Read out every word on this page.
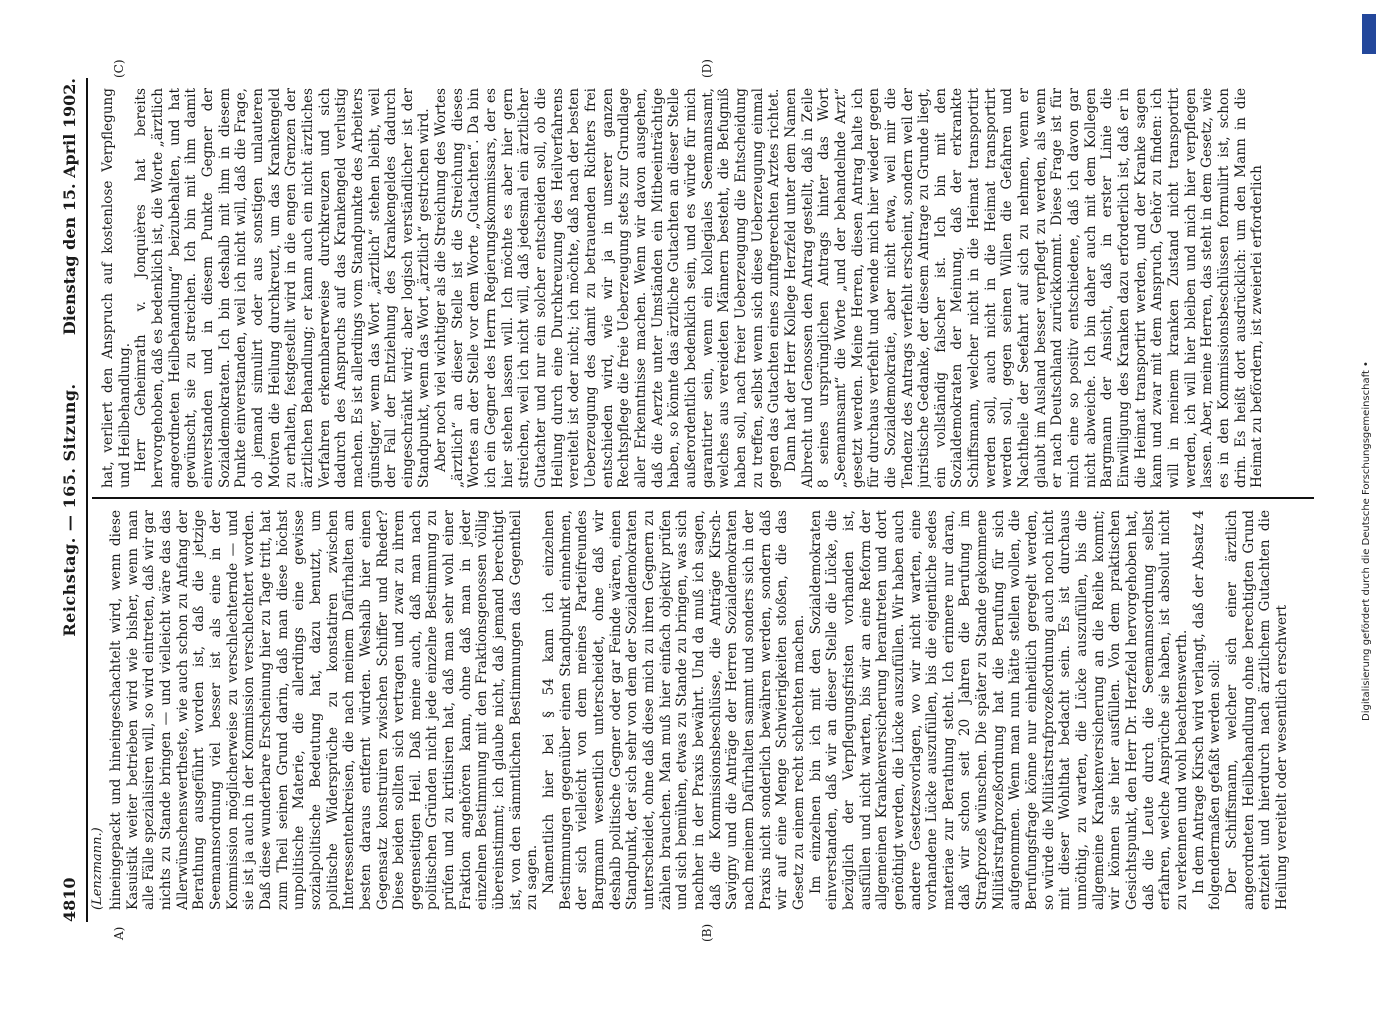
4810
Reichstag. — 165. Sitzung.
Dienstag den 15. April 1902.
(Lenzmann.)
A)	(B)
(C)	(D)

hineingepackt und hineingeschachtelt wird, wenn diese Kasuistik weiter betrieben wird wie bisher, wenn man alle Fälle spezialisiren will, so wird eintreten, daß wir gar nichts zu Stande bringen — und vielleicht wäre das das Allerwünschenswertheste, wie auch schon zu Anfang der Berathung ausgeführt worden ist, daß die jetzige Seemannsordnung viel besser ist als eine in der Kommission möglicherweise zu verschlechternde — und sie ist ja auch in der Kommission verschlechtert worden. Daß diese wunderbare Erscheinung hier zu Tage tritt, hat zum Theil seinen Grund darin, daß man diese höchst unpolitische Materie, die allerdings eine gewisse sozialpolitische Bedeutung hat, dazu benutzt, um politische Widersprüche zu konstatiren zwischen Interessentenkreisen, die nach meinem Dafürhalten am besten daraus entfernt würden. Weshalb hier einen Gegensatz konstruiren zwischen Schiffer und Rheder? Diese beiden sollten sich vertragen und zwar zu ihrem gegenseitigen Heil. Daß meine auch, daß man nach politischen Gründen nicht jede einzelne Bestimmung zu prüfen und zu kritisiren hat, daß man sehr wohl einer Fraktion angehören kann, ohne daß man in jeder einzelnen Bestimmung mit den Fraktionsgenossen völlig übereinstimmt; ich glaube nicht, daß jemand berechtigt ist, von den sämmtlichen Bestimmungen das Gegentheil zu sagen. Namentlich hier bei § 54 kann ich einzelnen Bestimmungen gegenüber einen Standpunkt einnehmen, der sich vielleicht von dem meines Parteifreundes Bargmann wesentlich unterscheidet, ohne daß wir deshalb politische Gegner oder gar Feinde wären, einen Standpunkt, der sich sehr von dem der Sozialdemokraten unterscheidet, ohne daß diese mich zu ihren Gegnern zu zählen brauchen. Man muß hier einfach objektiv prüfen und sich bemühen, etwas zu Stande zu bringen, was sich nachher in der Praxis bewährt. Und da muß ich sagen, daß die Kommissionsbeschlüsse, die Anträge Kirsch-Savigny und die Anträge der Herren Sozialdemokraten nach meinem Dafürhalten sammt und sonders sich in der Praxis nicht sonderlich bewähren werden, sondern daß wir auf eine Menge Schwierigkeiten stoßen, die das Gesetz zu einem recht schlechten machen. Im einzelnen bin ich mit den Sozialdemokraten einverstanden, daß wir an dieser Stelle die Lücke, die bezüglich der Verpflegungsfristen vorhanden ist, ausfüllen und nicht warten, bis wir an eine Reform der allgemeinen Krankenversicherung herantreten und dort genöthigt werden, die Lücke auszufüllen. Wir haben auch andere Gesetzesvorlagen, wo wir nicht warten, eine vorhandene Lücke auszufüllen, bis die eigentliche sedes materiae zur Berathung steht. Ich erinnere nur daran, daß wir schon seit 20 Jahren die Berufung im Strafprozeß wünschen. Die später zu Stande gekommene Militärstrafprozeßordnung hat die Berufung für sich aufgenommen. Wenn man nun hätte stellen wollen, die Berufungsfrage könne nur einheitlich geregelt werden, so würde die Militärstrafprozeßordnung auch noch nicht mit dieser Wohlthat bedacht sein. Es ist durchaus unnöthig, zu warten, die Lücke auszufüllen, bis die allgemeine Krankenversicherung an die Reihe kommt; wir können sie hier ausfüllen. Von dem praktischen Gesichtspunkt, den Herr Dr. Herzfeld hervorgehoben hat, daß die Leute durch die Seemannsordnung selbst erfahren, welche Ansprüche sie haben, ist absolut nicht zu verkennen und wohl beachtenswerth. In dem Antrage Kirsch wird verlangt, daß der Absatz 4 folgendermaßen gefaßt werden soll: Der Schiffsmann, welcher sich einer ärztlich angeordneten Heilbehandlung ohne berechtigten Grund entzieht und hierdurch nach ärztlichem Gutachten die Heilung vereitelt oder wesentlich erschwert

hat, verliert den Anspruch auf kostenlose Verpflegung und Heilbehandlung. Herr Geheimrath v. Jonquières hat bereits hervorgehoben, daß es bedenklich ist, die Worte „ärztlich angeordneten Heilbehandlung“ beizubehalten, und hat gewünscht, sie zu streichen. Ich bin mit ihm damit einverstanden und in diesem Punkte Gegner der Sozialdemokraten. Ich bin deshalb mit ihm in diesem Punkte einverstanden, weil ich nicht will, daß die Frage, ob jemand simulirt oder aus sonstigen unlauteren Motiven die Heilung durchkreuzt, um das Krankengeld zu erhalten, festgestellt wird in die engen Grenzen der ärztlichen Behandlung; er kann auch ein nicht ärztliches Verfahren erkennbarerweise durchkreuzen und sich dadurch des Anspruchs auf das Krankengeld verlustig machen. Es ist allerdings vom Standpunkte des Arbeiters günstiger, wenn das Wort „ärztlich“ stehen bleibt, weil der Fall der Entziehung des Krankengeldes dadurch eingeschränkt wird; aber logisch verständlicher ist der Standpunkt, wenn das Wort „ärztlich“ gestrichen wird. Aber noch viel wichtiger als die Streichung des Wortes „ärztlich“ an dieser Stelle ist die Streichung dieses Wortes an der Stelle vor dem Worte „Gutachten“. Da bin ich ein Gegner des Herrn Regierungskommissars, der es hier stehen lassen will. Ich möchte es aber hier gern streichen, weil ich nicht will, daß jedesmal ein ärztlicher Gutachter und nur ein solcher entscheiden soll, ob die Heilung durch eine Durchkreuzung des Heilverfahrens vereitelt ist oder nicht; ich möchte, daß nach der besten Ueberzeugung des damit zu betrauenden Richters frei entschieden wird, wie wir ja in unserer ganzen Rechtspflege die freie Ueberzeugung stets zur Grundlage aller Erkenntnisse machen. Wenn wir davon ausgehen, daß die Aerzte unter Umständen ein Mitbeeinträchtige haben, so könnte das ärztliche Gutachten an dieser Stelle außerordentlich bedenklich sein, und es würde für mich garantirter sein, wenn ein kollegiales Seemannsamt, welches aus vereideten Männern besteht, die Befugniß haben soll, nach freier Ueberzeugung die Entscheidung zu treffen, selbst wenn sich diese Ueberzeugung einmal gegen das Gutachten eines zunftgerechten Arztes richtet. Dann hat der Herr Kollege Herzfeld unter dem Namen Albrecht und Genossen den Antrag gestellt, daß in Zeile 8 seines ursprünglichen Antrags hinter das Wort „Seemannsamt“ die Worte „und der behandelnde Arzt“ gesetzt werden. Meine Herren, diesen Antrag halte ich für durchaus verfehlt und wende mich hier wieder gegen die Sozialdemokratie, aber nicht etwa, weil mir die Tendenz des Antrags verfehlt erscheint, sondern weil der juristische Gedanke, der diesem Antrage zu Grunde liegt, ein vollständig falscher ist. Ich bin mit den Sozialdemokraten der Meinung, daß der erkrankte Schiffsmann, welcher nicht in die Heimat transportirt werden soll, auch nicht in die Heimat transportirt werden soll, gegen seinen Willen die Gefahren und Nachtheile der Seefahrt auf sich zu nehmen, wenn er glaubt im Ausland besser verpflegt zu werden, als wenn er nach Deutschland zurückkommt. Diese Frage ist für mich eine so positiv entschiedene, daß ich davon gar nicht abweiche. Ich bin daher auch mit dem Kollegen Bargmann der Ansicht, daß in erster Linie die Einwilligung des Kranken dazu erforderlich ist, daß er in die Heimat transportirt werden, und der Kranke sagen kann und zwar mit dem Anspruch, Gehör zu finden: ich will in meinem kranken Zustand nicht transportirt werden, ich will hier bleiben und mich hier verpflegen lassen. Aber, meine Herren, das steht in dem Gesetz, wie es in den Kommissionsbeschlüssen formulirt ist, schon drin. Es heißt dort ausdrücklich: um den Mann in die Heimat zu befördern, ist zweierlei erforderlich

Digitalisierung gefördert durch die Deutsche Forschungsgemeinschaft •
